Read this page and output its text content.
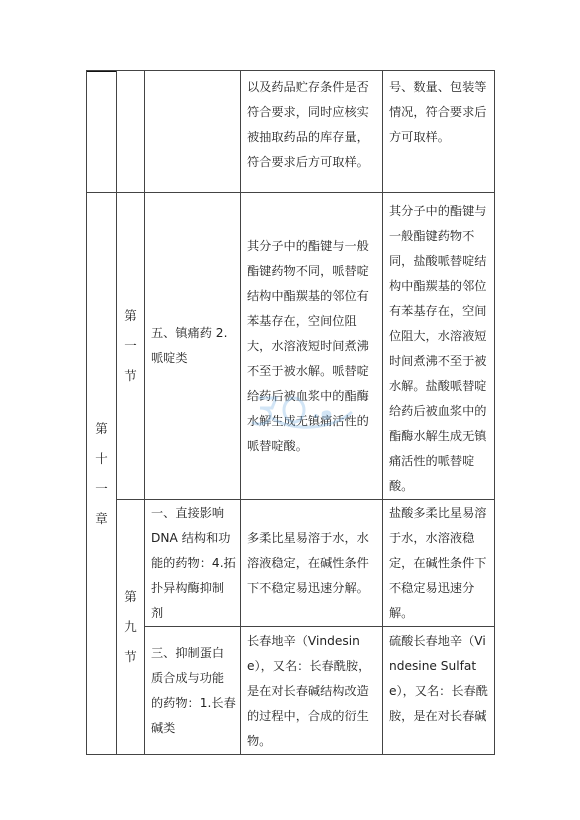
			以及药品贮存条件是否符合要求，同时应核实被抽取药品的库存量，符合要求后方可取样。	号、数量、包装等情况，符合要求后方可取样。

第
十
一
章	第
一
节	五、镇痛药 2.哌啶类	其分子中的酯键与一般酯键药物不同，哌替啶结构中酯羰基的邻位有苯基存在，空间位阻大，水溶液短时间煮沸不至于被水解。哌替啶给药后被血浆中的酯酶水解生成无镇痛活性的哌替啶酸。	其分子中的酯键与一般酯键药物不同，盐酸哌替啶结构中酯羰基的邻位有苯基存在，空间位阻大，水溶液短时间煮沸不至于被水解。盐酸哌替啶给药后被血浆中的酯酶水解生成无镇痛活性的哌替啶酸。

	第
九
节	一、直接影响 DNA 结构和功能的药物：4.拓扑异构酶抑制剂	多柔比星易溶于水，水溶液稳定，在碱性条件下不稳定易迅速分解。	盐酸多柔比星易溶于水，水溶液稳定，在碱性条件下不稳定易迅速分解。

		三、抑制蛋白质合成与功能的药物：1.长春碱类	长春地辛（Vindesine），又名：长春酰胺，是在对长春碱结构改造的过程中，合成的衍生物。	硫酸长春地辛（Vindesine Sulfate），又名：长春酰胺，是在对长春碱
